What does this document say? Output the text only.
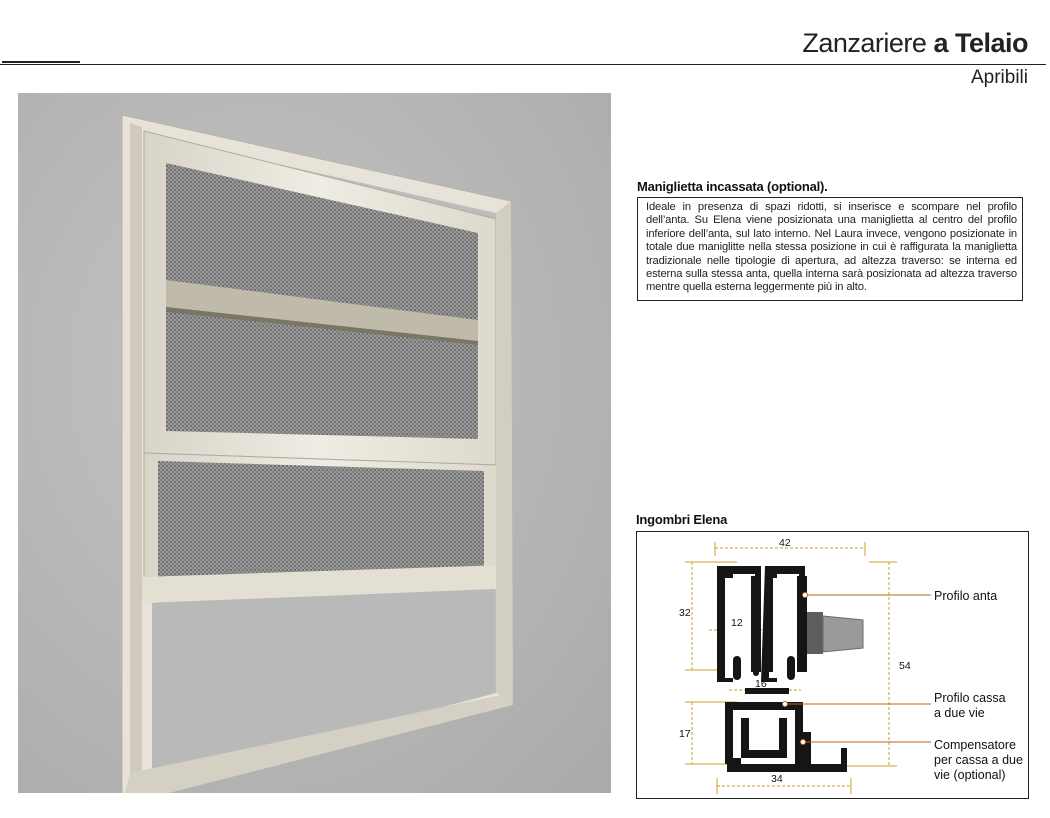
Zanzariere a Telaio
Apribili
Maniglietta incassata (optional).
Ideale in presenza di spazi ridotti, si inserisce e scompare nel profilo dell’anta. Su Elena viene posizionata una maniglietta al centro del profilo inferiore dell’anta, sul lato interno. Nel Laura invece, vengono posizionate in totale due maniglitte nella stessa posizione in cui è raffigurata la maniglietta tradizionale nelle tipologie di apertura, ad altezza traverso: se interna ed esterna sulla stessa anta, quella interna sarà posizionata ad altezza traverso mentre quella esterna leggermente più in alto.
Ingombri Elena
42
32
12
54
16
17
34
Profilo anta
Profilo cassa
a due vie
Compensatore
per cassa a due
vie (optional)
